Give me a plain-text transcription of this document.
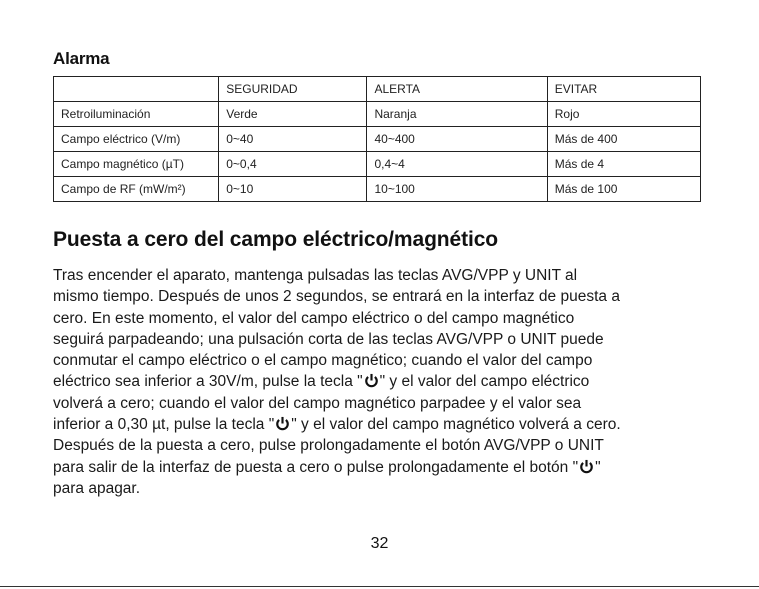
Alarma
	SEGURIDAD	ALERTA	EVITAR
Retroiluminación	Verde	Naranja	Rojo
Campo eléctrico (V/m)	0~40	40~400	Más de 400
Campo magnético (µT)	0~0,4	0,4~4	Más de 4
Campo de RF (mW/m²)	0~10	10~100	Más de 100
Puesta a cero del campo eléctrico/magnético
Tras encender el aparato, mantenga pulsadas las teclas AVG/VPP y UNIT al
mismo tiempo. Después de unos 2 segundos, se entrará en la interfaz de puesta a
cero. En este momento, el valor del campo eléctrico o del campo magnético
seguirá parpadeando; una pulsación corta de las teclas AVG/VPP o UNIT puede
conmutar el campo eléctrico o el campo magnético; cuando el valor del campo
eléctrico sea inferior a 30V/m, pulse la tecla " " y el valor del campo eléctrico
volverá a cero; cuando el valor del campo magnético parpadee y el valor sea
inferior a 0,30 µt, pulse la tecla " " y el valor del campo magnético volverá a cero.
Después de la puesta a cero, pulse prolongadamente el botón AVG/VPP o UNIT
para salir de la interfaz de puesta a cero o pulse prolongadamente el botón " "
para apagar.
32
